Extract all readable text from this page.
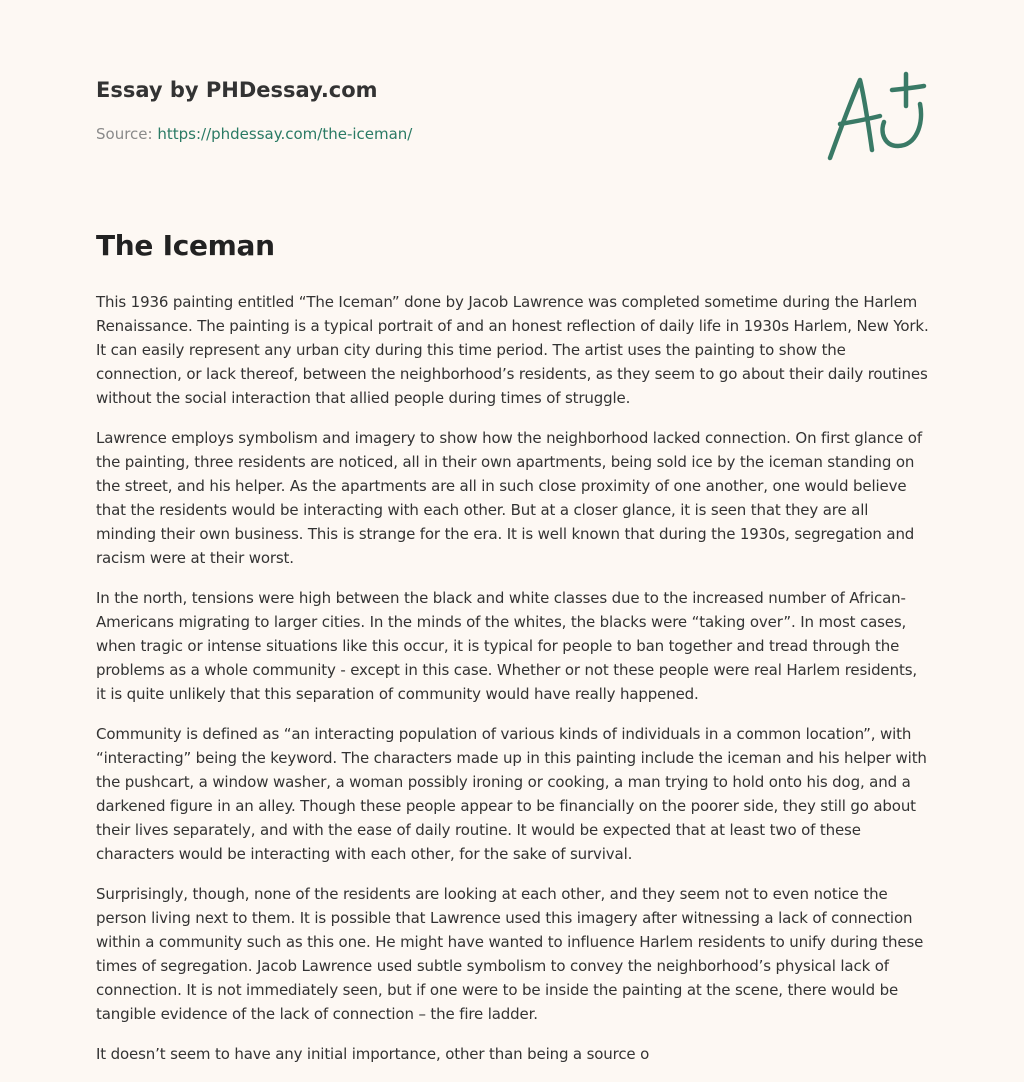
Essay by PHDessay.com
Source: https://phdessay.com/the-iceman/
The Iceman

This 1936 painting entitled “The Iceman” done by Jacob Lawrence was completed sometime during the Harlem Renaissance. The painting is a typical portrait of and an honest reflection of daily life in 1930s Harlem, New York. It can easily represent any urban city during this time period. The artist uses the painting to show the connection, or lack thereof, between the neighborhood’s residents, as they seem to go about their daily routines without the social interaction that allied people during times of struggle.

Lawrence employs symbolism and imagery to show how the neighborhood lacked connection. On first glance of the painting, three residents are noticed, all in their own apartments, being sold ice by the iceman standing on the street, and his helper. As the apartments are all in such close proximity of one another, one would believe that the residents would be interacting with each other. But at a closer glance, it is seen that they are all minding their own business. This is strange for the era. It is well known that during the 1930s, segregation and racism were at their worst.

In the north, tensions were high between the black and white classes due to the increased number of African-Americans migrating to larger cities. In the minds of the whites, the blacks were “taking over”. In most cases, when tragic or intense situations like this occur, it is typical for people to ban together and tread through the problems as a whole community - except in this case. Whether or not these people were real Harlem residents, it is quite unlikely that this separation of community would have really happened.

Community is defined as “an interacting population of various kinds of individuals in a common location”, with “interacting” being the keyword. The characters made up in this painting include the iceman and his helper with the pushcart, a window washer, a woman possibly ironing or cooking, a man trying to hold onto his dog, and a darkened figure in an alley. Though these people appear to be financially on the poorer side, they still go about their lives separately, and with the ease of daily routine. It would be expected that at least two of these characters would be interacting with each other, for the sake of survival.

Surprisingly, though, none of the residents are looking at each other, and they seem not to even notice the person living next to them. It is possible that Lawrence used this imagery after witnessing a lack of connection within a community such as this one. He might have wanted to influence Harlem residents to unify during these times of segregation. Jacob Lawrence used subtle symbolism to convey the neighborhood’s physical lack of connection. It is not immediately seen, but if one were to be inside the painting at the scene, there would be tangible evidence of the lack of connection – the fire ladder.

It doesn’t seem to have any initial importance, other than being a source o
